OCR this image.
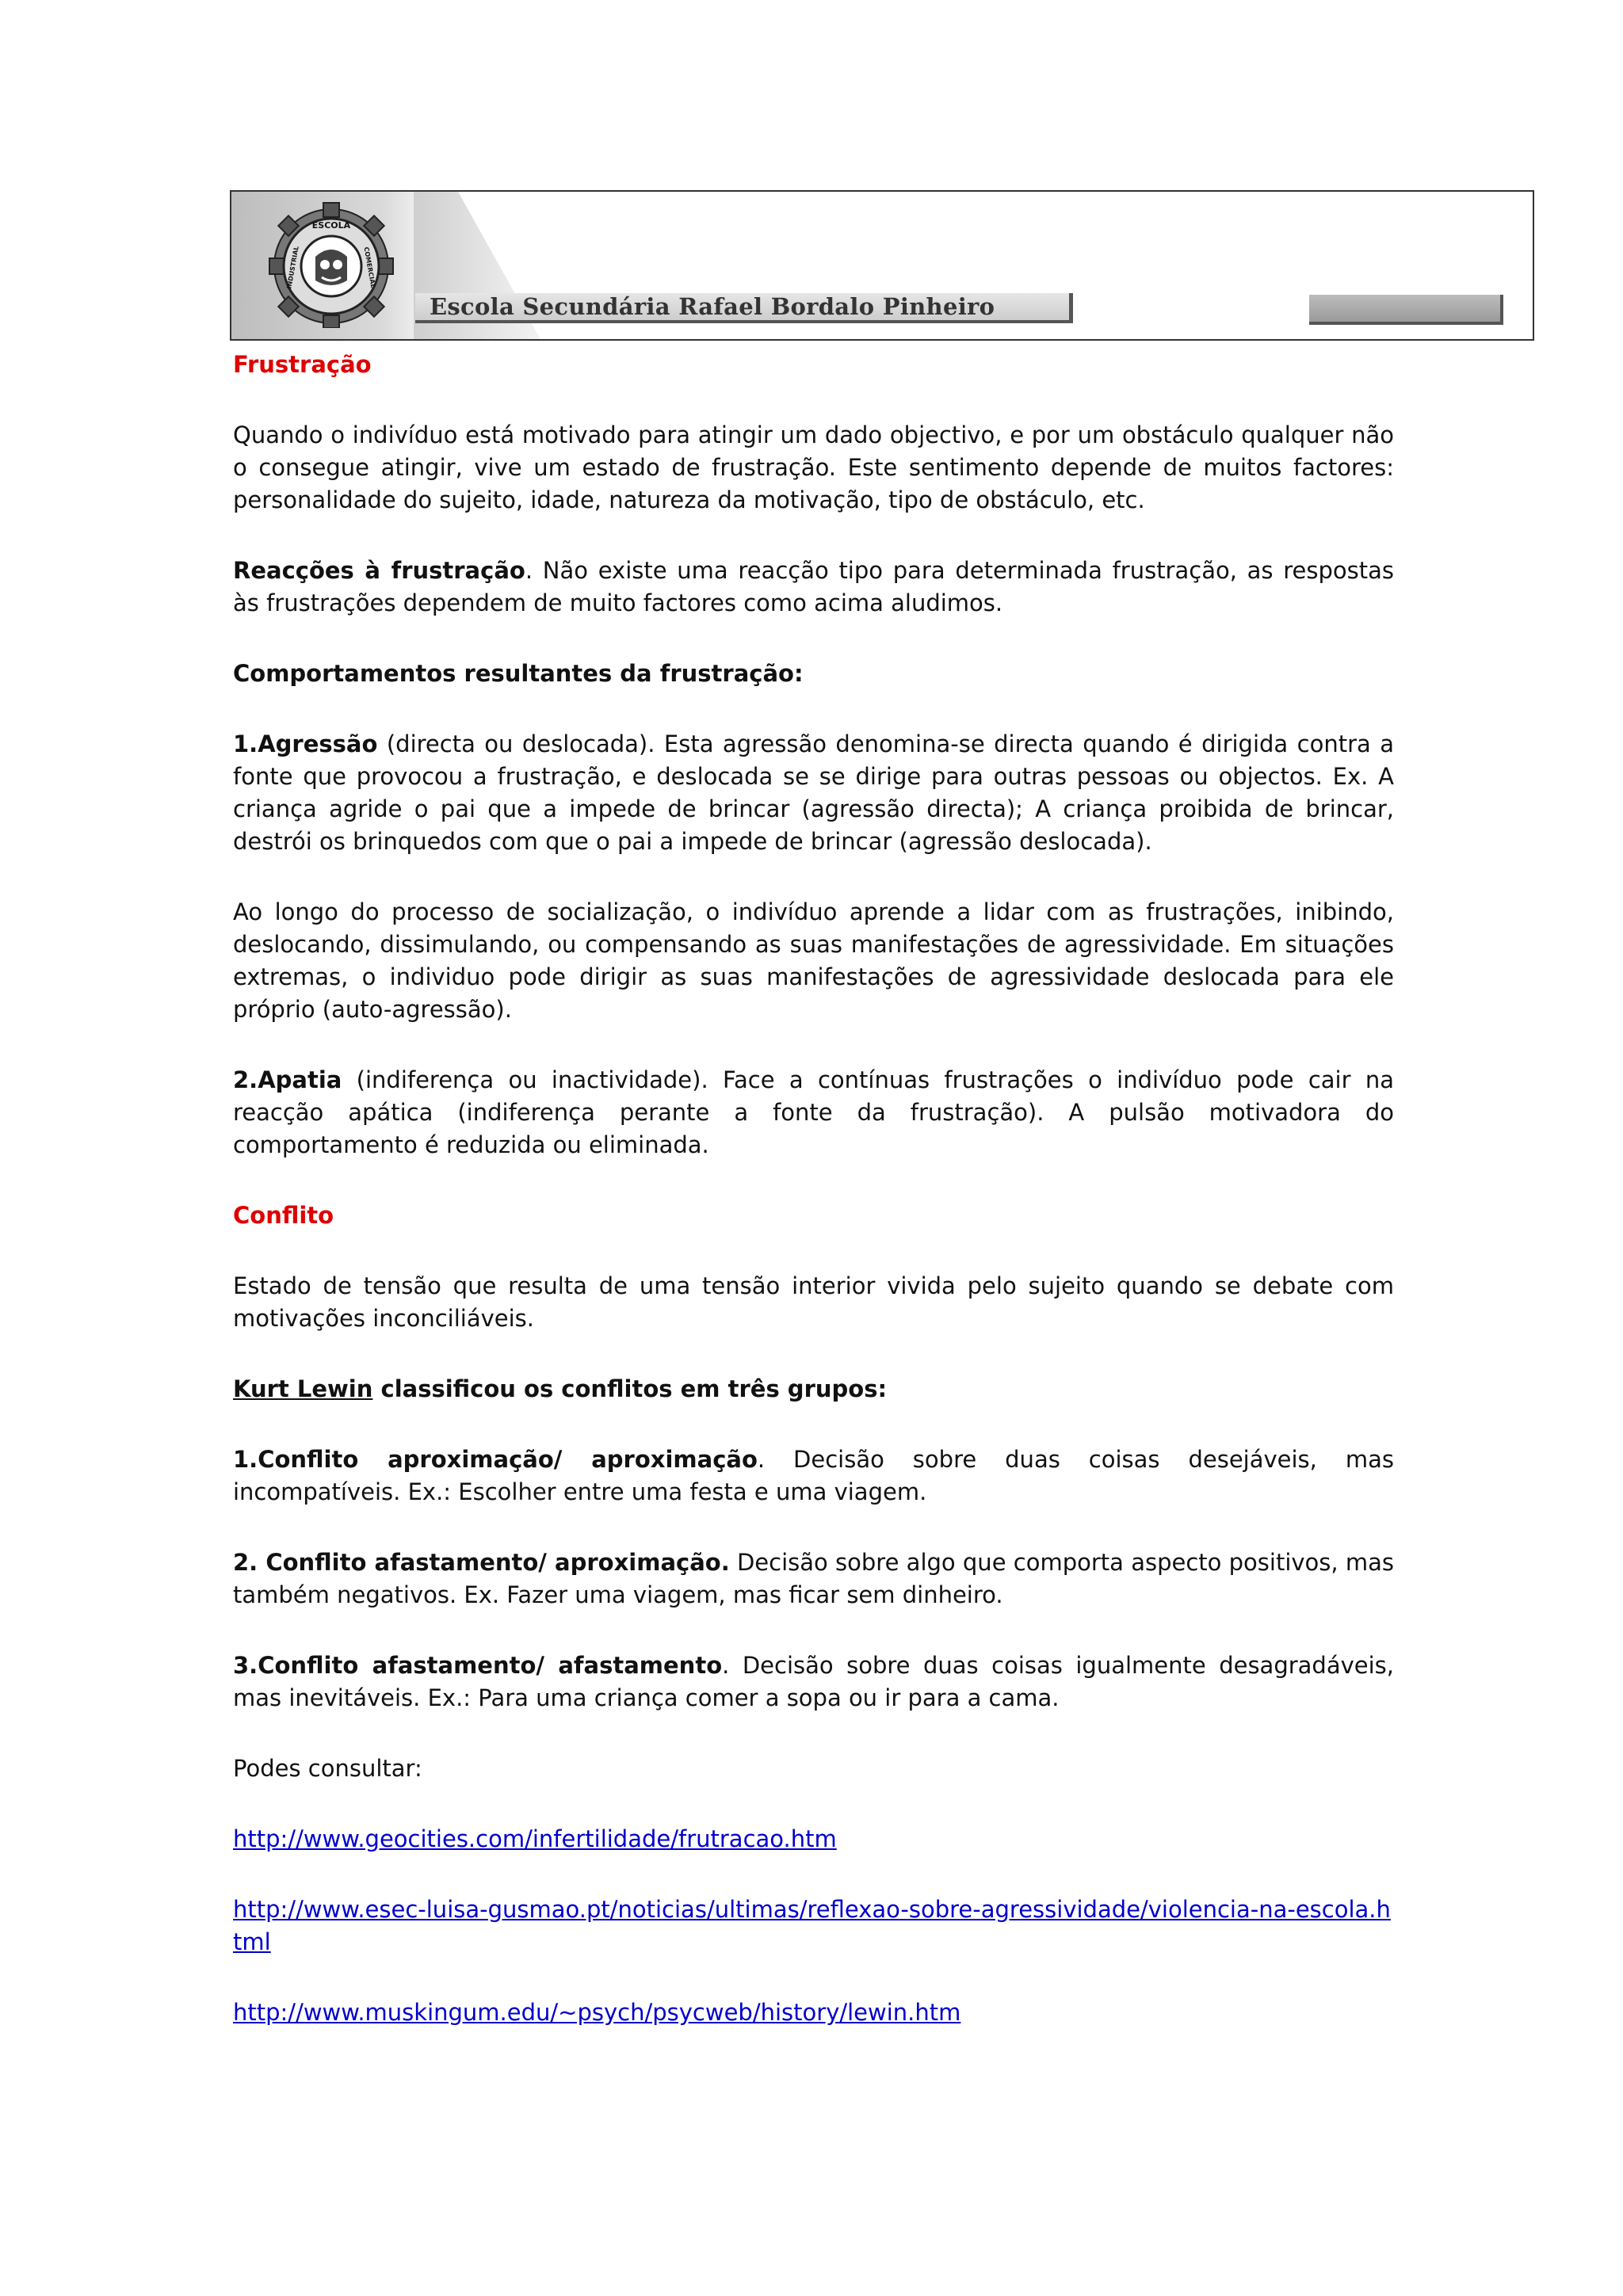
ESCOLA
INDUSTRIAL	COMERCIAL
Escola Secundária Rafael Bordalo Pinheiro

Frustração

Quando o indivíduo está motivado para atingir um dado objectivo, e por um obstáculo qualquer não o consegue atingir, vive um estado de frustração. Este sentimento depende de muitos factores: personalidade do sujeito, idade, natureza da motivação, tipo de obstáculo, etc.

Reacções à frustração. Não existe uma reacção tipo para determinada frustração, as respostas às frustrações dependem de muito factores como acima aludimos.

Comportamentos resultantes da frustração:

1.Agressão (directa ou deslocada). Esta agressão denomina-se directa quando é dirigida contra a fonte que provocou a frustração, e deslocada se se dirige para outras pessoas ou objectos. Ex. A criança agride o pai que a impede de brincar (agressão directa); A criança proibida de brincar, destrói os brinquedos com que o pai a impede de brincar (agressão deslocada).

Ao longo do processo de socialização, o indivíduo aprende a lidar com as frustrações, inibindo, deslocando, dissimulando, ou compensando as suas manifestações de agressividade. Em situações extremas, o individuo pode dirigir as suas manifestações de agressividade deslocada para ele próprio (auto-agressão).

2.Apatia (indiferença ou inactividade). Face a contínuas frustrações o indivíduo pode cair na reacção apática (indiferença perante a fonte da frustração). A pulsão motivadora do comportamento é reduzida ou eliminada.

Conflito

Estado de tensão que resulta de uma tensão interior vivida pelo sujeito quando se debate com motivações inconciliáveis.

Kurt Lewin classificou os conflitos em três grupos:

1.Conflito aproximação/ aproximação. Decisão sobre duas coisas desejáveis, mas incompatíveis. Ex.: Escolher entre uma festa e uma viagem.

2. Conflito afastamento/ aproximação. Decisão sobre algo que comporta aspecto positivos, mas também negativos. Ex. Fazer uma viagem, mas ficar sem dinheiro.

3.Conflito afastamento/ afastamento. Decisão sobre duas coisas igualmente desagradáveis, mas inevitáveis. Ex.: Para uma criança comer a sopa ou ir para a cama.

Podes consultar:

http://www.geocities.com/infertilidade/frutracao.htm

http://www.esec-luisa-gusmao.pt/noticias/ultimas/reflexao-sobre-agressividade/violencia-na-escola.html

http://www.muskingum.edu/~psych/psycweb/history/lewin.htm
